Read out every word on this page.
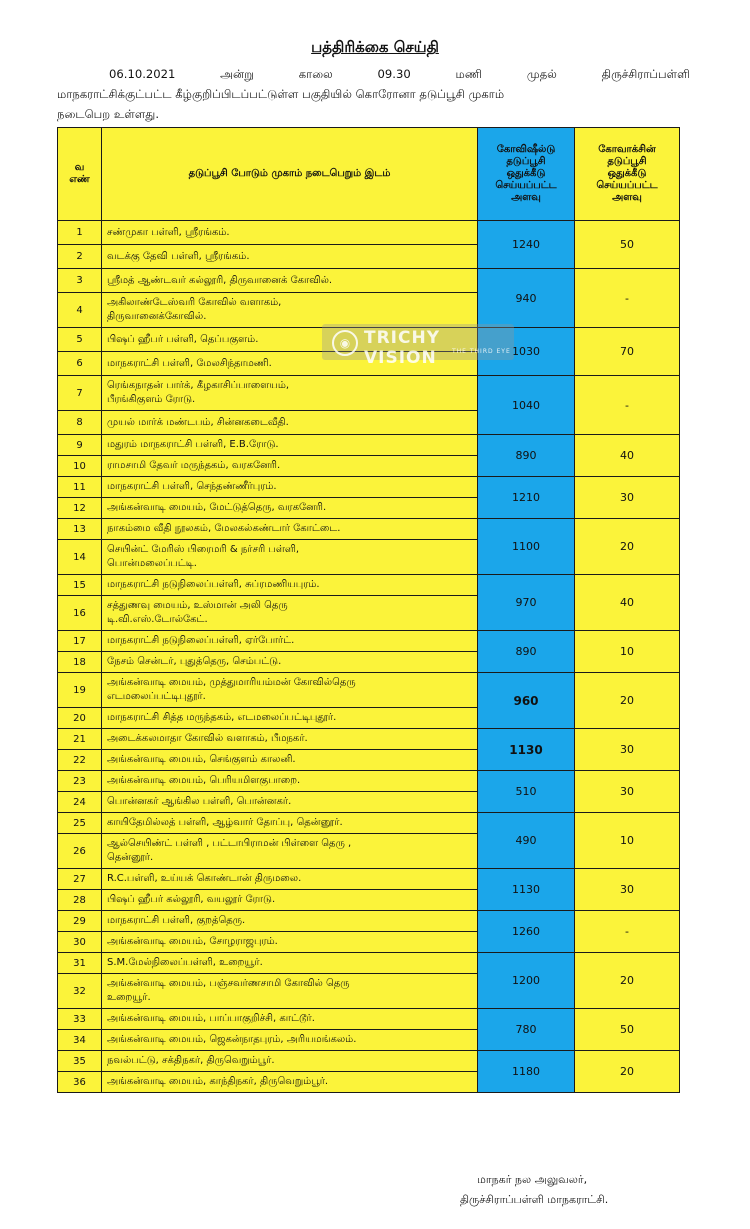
பத்திரிக்கை செய்தி
06.10.2021	அன்று	காலை	09.30	மணி	முதல்	திருச்சிராப்பள்ளி
மாநகராட்சிக்குட்பட்ட கீழ்குறிப்பிடப்பட்டுள்ள பகுதியில் கொரோனா தடுப்பூசி முகாம்
நடைபெற உள்ளது.
வ
எண்	தடுப்பூசி போடும் முகாம் நடைபெறும் இடம்	கோவிஷீல்டு
தடுப்பூசி
ஒதுக்கீடு
செய்யப்பட்ட
அளவு	கோவாக்சின்
தடுப்பூசி
ஒதுக்கீடு
செய்யப்பட்ட
அளவு
1	சண்முகா பள்ளி, ஸ்ரீரங்கம்.	1240	50
2	வடக்கு தேவி பள்ளி, ஸ்ரீரங்கம்.		
3	ஸ்ரீமத் ஆண்டவர் கல்லூரி, திருவானைக் கோவில்.	940	-
4	அகிலாண்டேஸ்வரி கோவில் வளாகம்,
திருவானைக்கோவில்.		
5	பிஷப் ஹீபர் பள்ளி, தெப்பகுளம்.	1030	70
6	மாநகராட்சி பள்ளி, மேலசிந்தாமணி.		
7	ரெங்கநாதன் பார்க், கீழகாசிப்பாளையம்,
பீரங்கிகுளம் ரோடு.	1040	-
8	முயல் மார்க் மண்டபம், சின்னகடைவீதி.		
9	மதுரம் மாநகராட்சி பள்ளி, E.B.ரோடு.	890	40
10	ராமசாமி தேவர் மருந்தகம், வரகனேரி.		
11	மாநகராட்சி பள்ளி, செந்தண்ணீர்புரம்.	1210	30
12	அங்கன்வாடி மையம், மேட்டுத்தெரு, வரகனேரி.		
13	நாகம்மை வீதி நூலகம், மேலகல்கண்டார் கோட்டை.	1100	20
14	செயின்ட் மேரிஸ் பிரைமரி & நர்சரி பள்ளி,
பொன்மலைப்பட்டி.		
15	மாநகராட்சி நடுநிலைப்பள்ளி, சுப்ரமணியபுரம்.	970	40
16	சத்துணவு மையம், உஸ்மான் அலி தெரு
டி.வி.எஸ்.டோல்கேட்.		
17	மாநகராட்சி நடுநிலைப்பள்ளி, ஏர்போர்ட்.	890	10
18	நேசம் சென்டர், புதுத்தெரு, செம்பட்டு.		
19	அங்கன்வாடி மையம், முத்துமாரியம்மன் கோவில்தெரு
எடமலைப்பட்டிபுதூர்.	960	20
20	மாநகராட்சி சித்த மருந்தகம், எடமலைப்பட்டிபுதூர்.		
21	அடைக்கலமாதா கோவில் வளாகம், பீமநகர்.	1130	30
22	அங்கன்வாடி மையம், செங்குளம் காலனி.		
23	அங்கன்வாடி மையம், பெரியமிளகுபாறை.	510	30
24	பொன்னகர் ஆங்கில பள்ளி, பொன்னகர்.		
25	காயிதேமில்லத் பள்ளி, ஆழ்வார் தோப்பு, தென்னூர்.	490	10
26	ஆல்செயிண்ட் பள்ளி , பட்டாபிராமன் பிள்ளை தெரு ,
தென்னூர்.		
27	R.C.பள்ளி, உய்யக் கொண்டான் திருமலை.	1130	30
28	பிஷப் ஹீபர் கல்லூரி, வயலூர் ரோடு.		
29	மாநகராட்சி பள்ளி, குறத்தெரு.	1260	-
30	அங்கன்வாடி மையம், சோழராஜபுரம்.		
31	S.M.மேல்நிலைப்பள்ளி, உறையூர்.	1200	20
32	அங்கன்வாடி மையம், பஞ்சவர்ணசாமி கோவில் தெரு
உறையூர்.		
33	அங்கன்வாடி மையம், பாப்பாகுறிச்சி, காட்டூர்.	780	50
34	அங்கன்வாடி மையம், ஜெகன்நாதபுரம், அரியமங்கலம்.		
35	நவல்பட்டு, சக்திநகர், திருவெறும்பூர்.	1180	20
36	அங்கன்வாடி மையம், காந்திநகர், திருவெறும்பூர்.		
◉ TRICHY VISION	THE THIRD EYE
மாநகர் நல அலுவலர்,
திருச்சிராப்பள்ளி மாநகராட்சி.
